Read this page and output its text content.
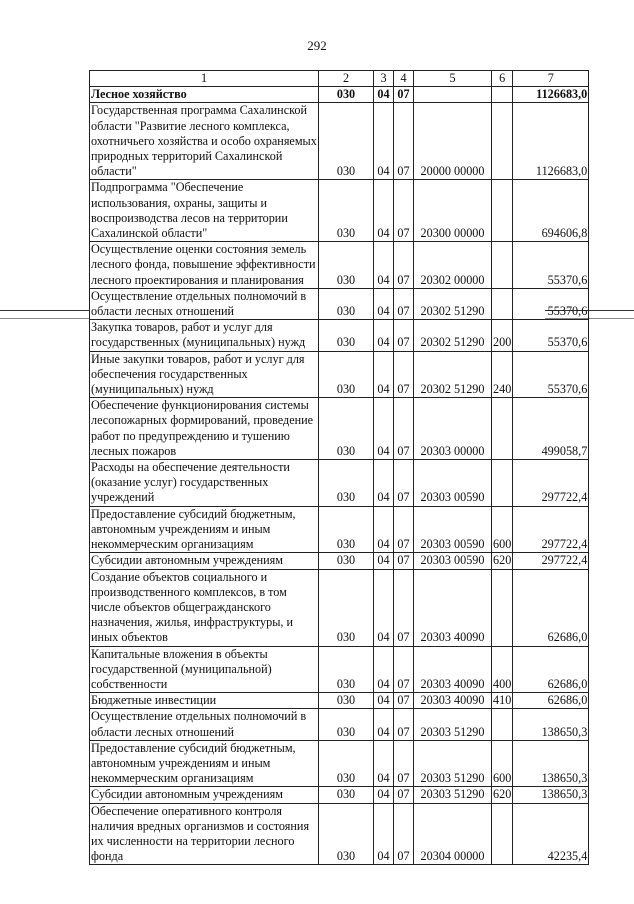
292
1	2	3	4	5	6	7
Лесное хозяйство	030	04	07			1126683,0
Государственная программа Сахалинской области "Развитие лесного комплекса, охотничьего хозяйства и особо охраняемых природных территорий Сахалинской области"	030	04	07	20000 00000		1126683,0
Подпрограмма "Обеспечение использования, охраны, защиты и воспроизводства лесов на территории Сахалинской области"	030	04	07	20300 00000		694606,8
Осуществление оценки состояния земель лесного фонда, повышение эффективности лесного проектирования и планирования	030	04	07	20302 00000		55370,6
Осуществление отдельных полномочий в области лесных отношений	030	04	07	20302 51290		55370,6
Закупка товаров, работ и услуг для государственных (муниципальных) нужд	030	04	07	20302 51290	200	55370,6
Иные закупки товаров, работ и услуг для обеспечения государственных (муниципальных) нужд	030	04	07	20302 51290	240	55370,6
Обеспечение функционирования системы лесопожарных формирований, проведение работ по предупреждению и тушению лесных пожаров	030	04	07	20303 00000		499058,7
Расходы на обеспечение деятельности (оказание услуг) государственных учреждений	030	04	07	20303 00590		297722,4
Предоставление субсидий бюджетным, автономным учреждениям и иным некоммерческим организациям	030	04	07	20303 00590	600	297722,4
Субсидии автономным учреждениям	030	04	07	20303 00590	620	297722,4
Создание объектов социального и производственного комплексов, в том числе объектов общегражданского назначения, жилья, инфраструктуры, и иных объектов	030	04	07	20303 40090		62686,0
Капитальные вложения в объекты государственной (муниципальной) собственности	030	04	07	20303 40090	400	62686,0
Бюджетные инвестиции	030	04	07	20303 40090	410	62686,0
Осуществление отдельных полномочий в области лесных отношений	030	04	07	20303 51290		138650,3
Предоставление субсидий бюджетным, автономным учреждениям и иным некоммерческим организациям	030	04	07	20303 51290	600	138650,3
Субсидии автономным учреждениям	030	04	07	20303 51290	620	138650,3
Обеспечение оперативного контроля наличия вредных организмов и состояния их численности на территории лесного фонда	030	04	07	20304 00000		42235,4
